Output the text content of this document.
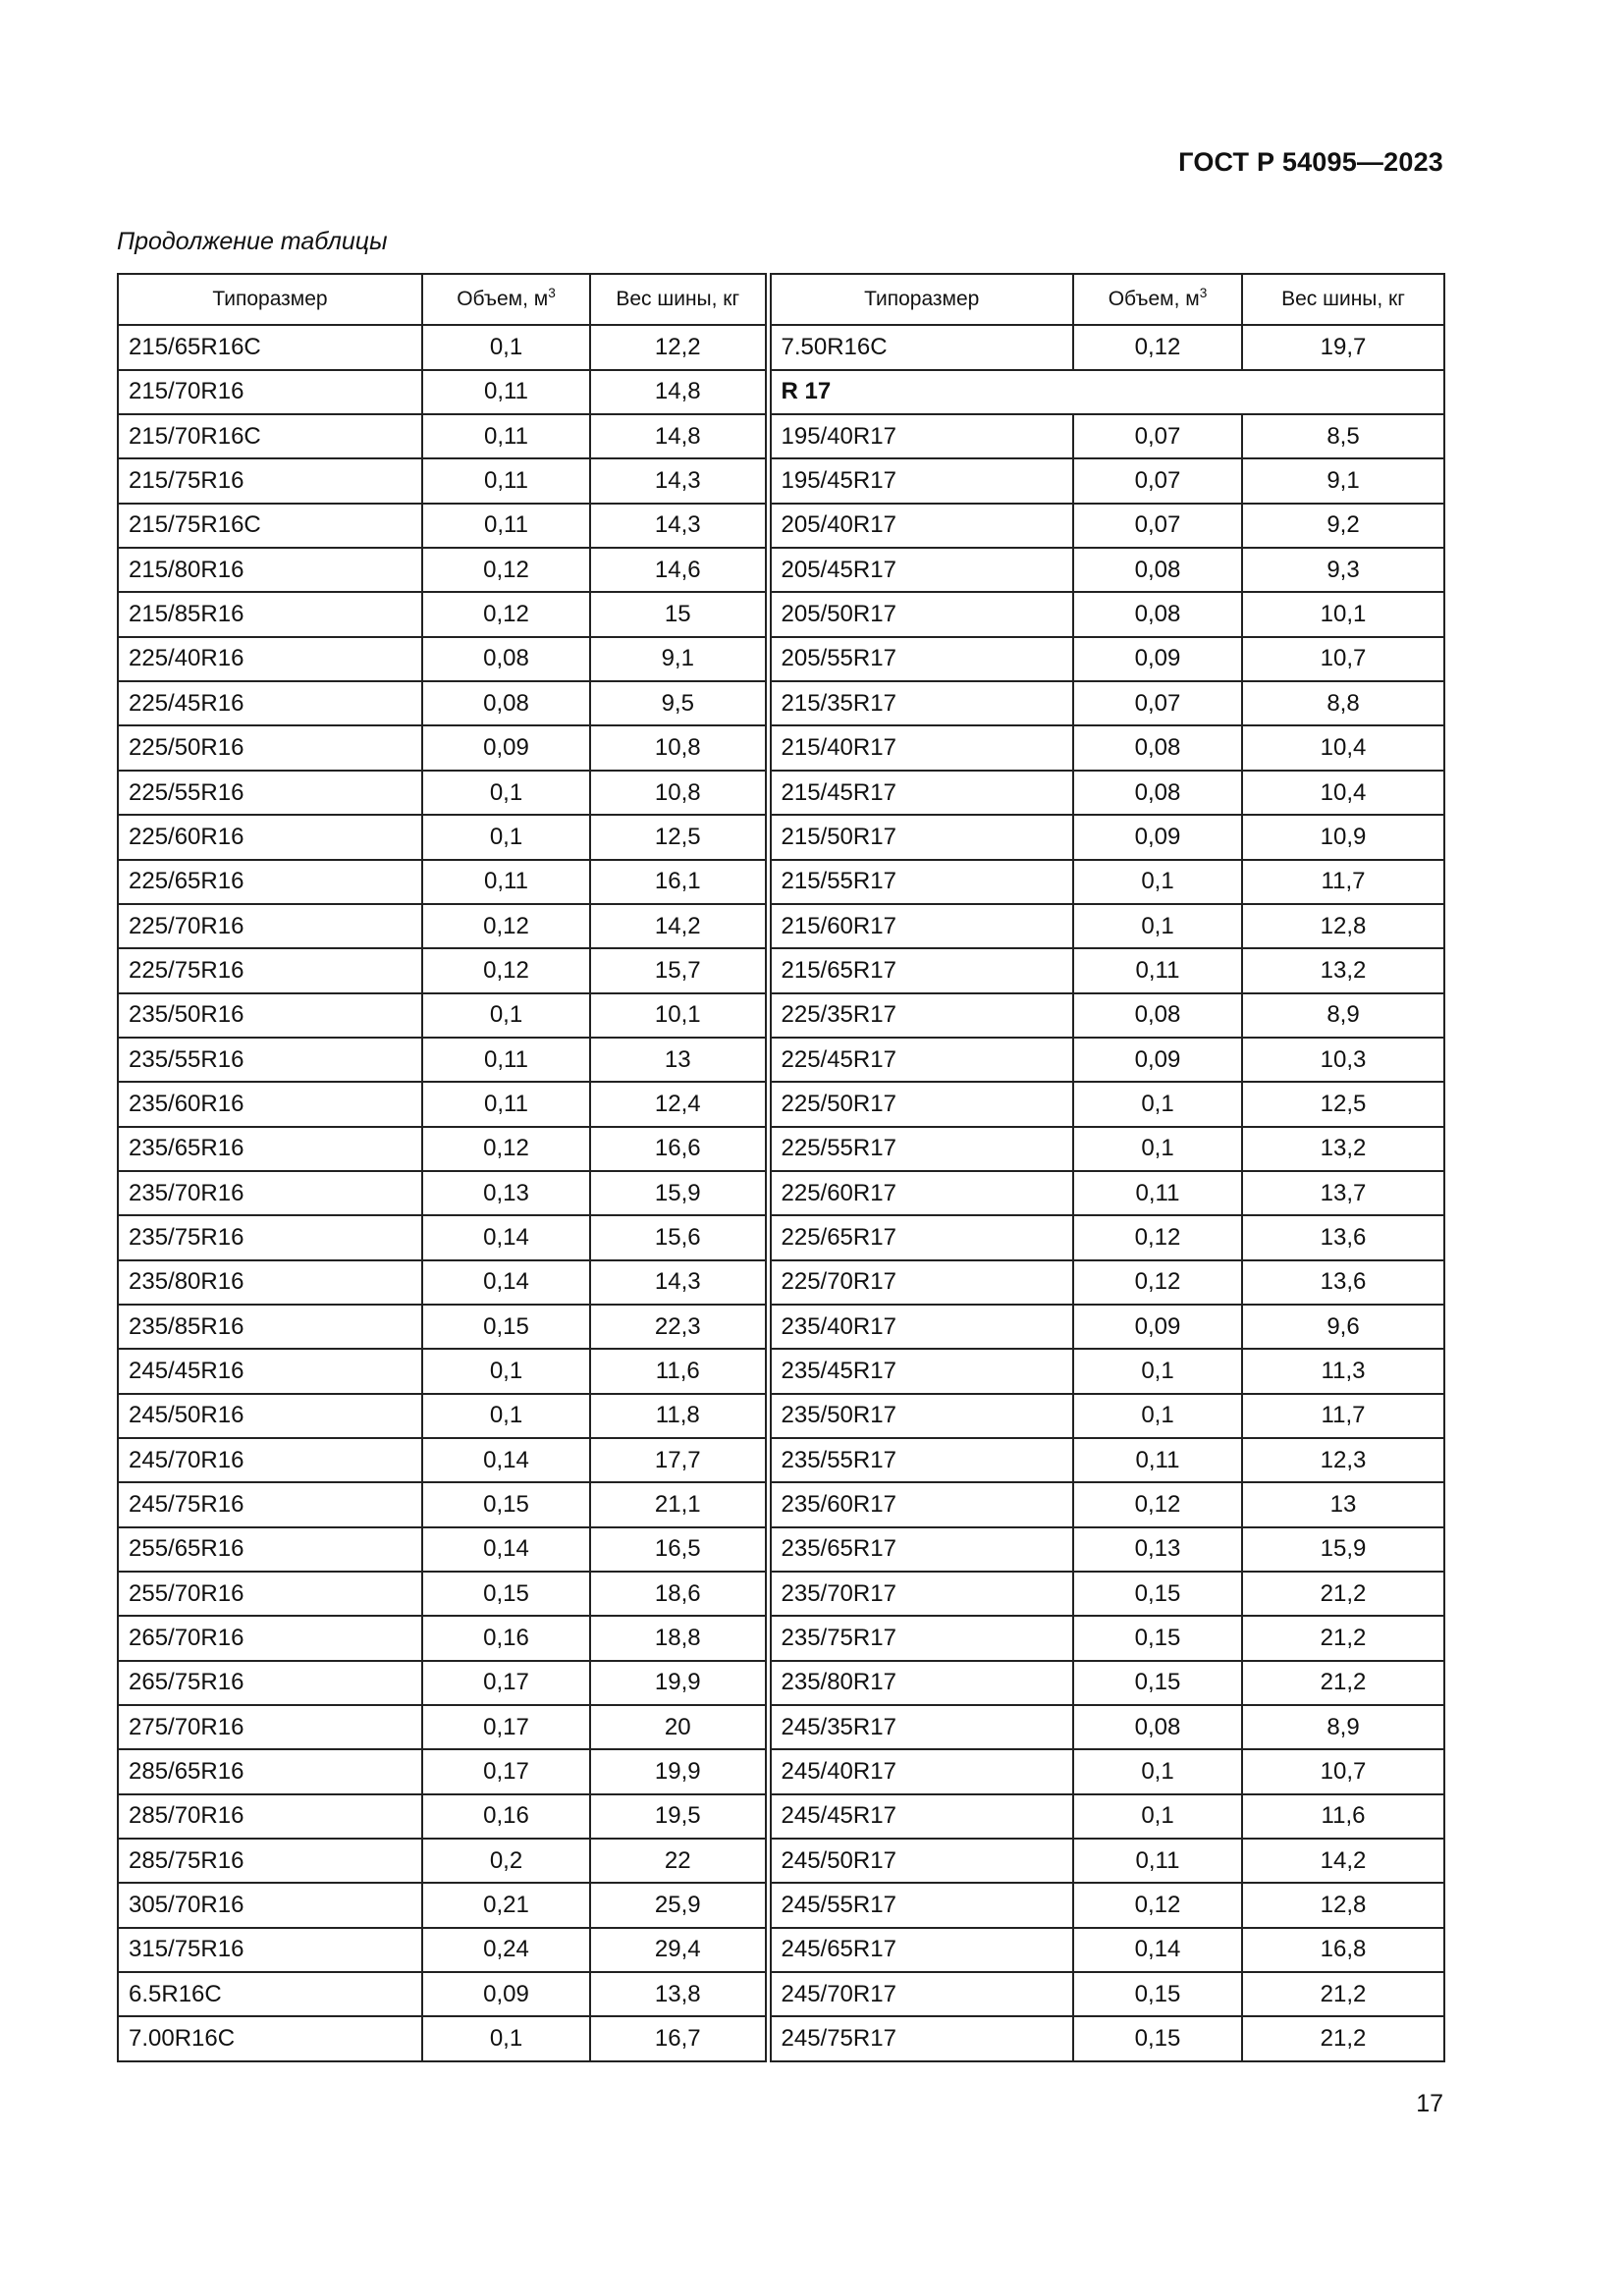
ГОСТ Р 54095—2023
Продолжение таблицы
Типоразмер	Объем, $м^3$	Вес шины, кг	Типоразмер	Объем, $м^3$	Вес шины, кг
215/65R16C	0,1	12,2	7.50R16C	0,12	19,7
215/70R16	0,11	14,8	R 17		
215/70R16C	0,11	14,8	195/40R17	0,07	8,5
215/75R16	0,11	14,3	195/45R17	0,07	9,1
215/75R16C	0,11	14,3	205/40R17	0,07	9,2
215/80R16	0,12	14,6	205/45R17	0,08	9,3
215/85R16	0,12	15	205/50R17	0,08	10,1
225/40R16	0,08	9,1	205/55R17	0,09	10,7
225/45R16	0,08	9,5	215/35R17	0,07	8,8
225/50R16	0,09	10,8	215/40R17	0,08	10,4
225/55R16	0,1	10,8	215/45R17	0,08	10,4
225/60R16	0,1	12,5	215/50R17	0,09	10,9
225/65R16	0,11	16,1	215/55R17	0,1	11,7
225/70R16	0,12	14,2	215/60R17	0,1	12,8
225/75R16	0,12	15,7	215/65R17	0,11	13,2
235/50R16	0,1	10,1	225/35R17	0,08	8,9
235/55R16	0,11	13	225/45R17	0,09	10,3
235/60R16	0,11	12,4	225/50R17	0,1	12,5
235/65R16	0,12	16,6	225/55R17	0,1	13,2
235/70R16	0,13	15,9	225/60R17	0,11	13,7
235/75R16	0,14	15,6	225/65R17	0,12	13,6
235/80R16	0,14	14,3	225/70R17	0,12	13,6
235/85R16	0,15	22,3	235/40R17	0,09	9,6
245/45R16	0,1	11,6	235/45R17	0,1	11,3
245/50R16	0,1	11,8	235/50R17	0,1	11,7
245/70R16	0,14	17,7	235/55R17	0,11	12,3
245/75R16	0,15	21,1	235/60R17	0,12	13
255/65R16	0,14	16,5	235/65R17	0,13	15,9
255/70R16	0,15	18,6	235/70R17	0,15	21,2
265/70R16	0,16	18,8	235/75R17	0,15	21,2
265/75R16	0,17	19,9	235/80R17	0,15	21,2
275/70R16	0,17	20	245/35R17	0,08	8,9
285/65R16	0,17	19,9	245/40R17	0,1	10,7
285/70R16	0,16	19,5	245/45R17	0,1	11,6
285/75R16	0,2	22	245/50R17	0,11	14,2
305/70R16	0,21	25,9	245/55R17	0,12	12,8
315/75R16	0,24	29,4	245/65R17	0,14	16,8
6.5R16C	0,09	13,8	245/70R17	0,15	21,2
7.00R16C	0,1	16,7	245/75R17	0,15	21,2
17
